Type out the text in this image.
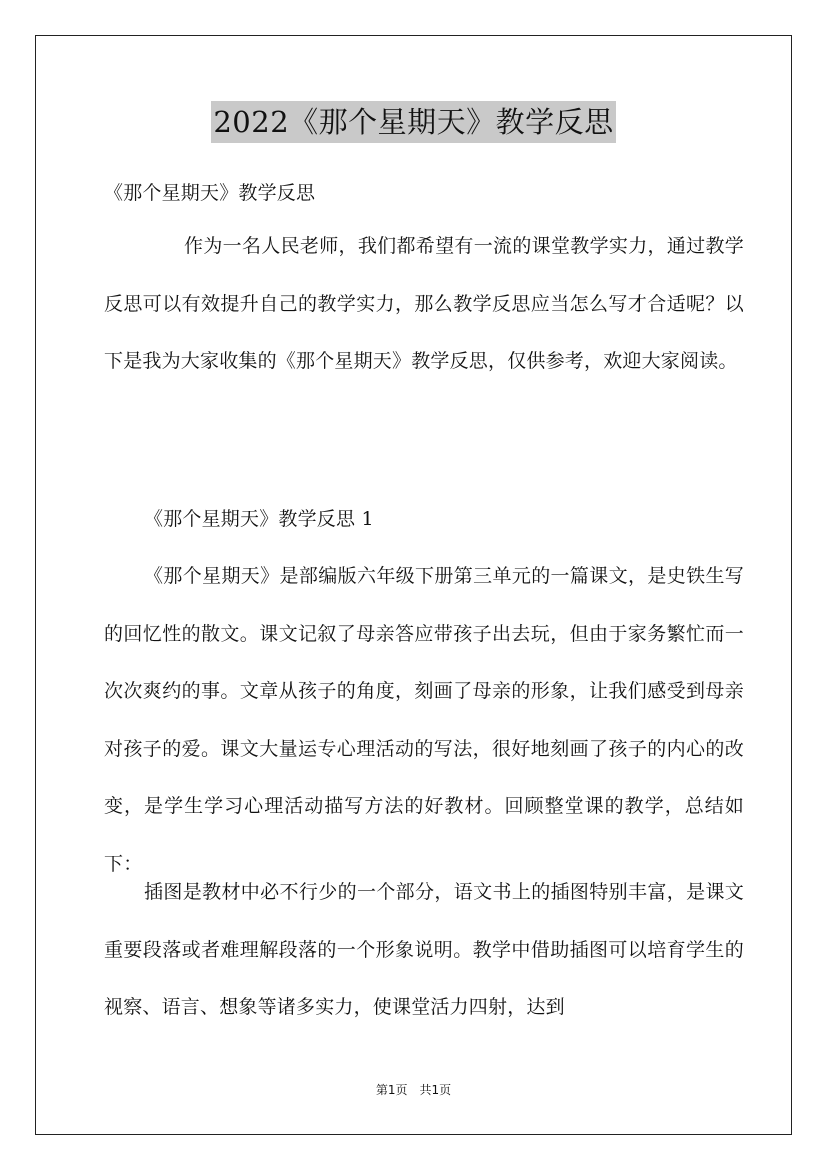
2022《那个星期天》教学反思

《那个星期天》教学反思

作为一名人民老师，我们都希望有一流的课堂教学实力，通过教学反思可以有效提升自己的教学实力，那么教学反思应当怎么写才合适呢？以下是我为大家收集的《那个星期天》教学反思，仅供参考，欢迎大家阅读。

《那个星期天》教学反思 1

《那个星期天》是部编版六年级下册第三单元的一篇课文，是史铁生写的回忆性的散文。课文记叙了母亲答应带孩子出去玩，但由于家务繁忙而一次次爽约的事。文章从孩子的角度，刻画了母亲的形象，让我们感受到母亲对孩子的爱。课文大量运专心理活动的写法，很好地刻画了孩子的内心的改变，是学生学习心理活动描写方法的好教材。回顾整堂课的教学，总结如下：

插图是教材中必不行少的一个部分，语文书上的插图特别丰富，是课文重要段落或者难理解段落的一个形象说明。教学中借助插图可以培育学生的视察、语言、想象等诸多实力，使课堂活力四射，达到

第1页　共1页
